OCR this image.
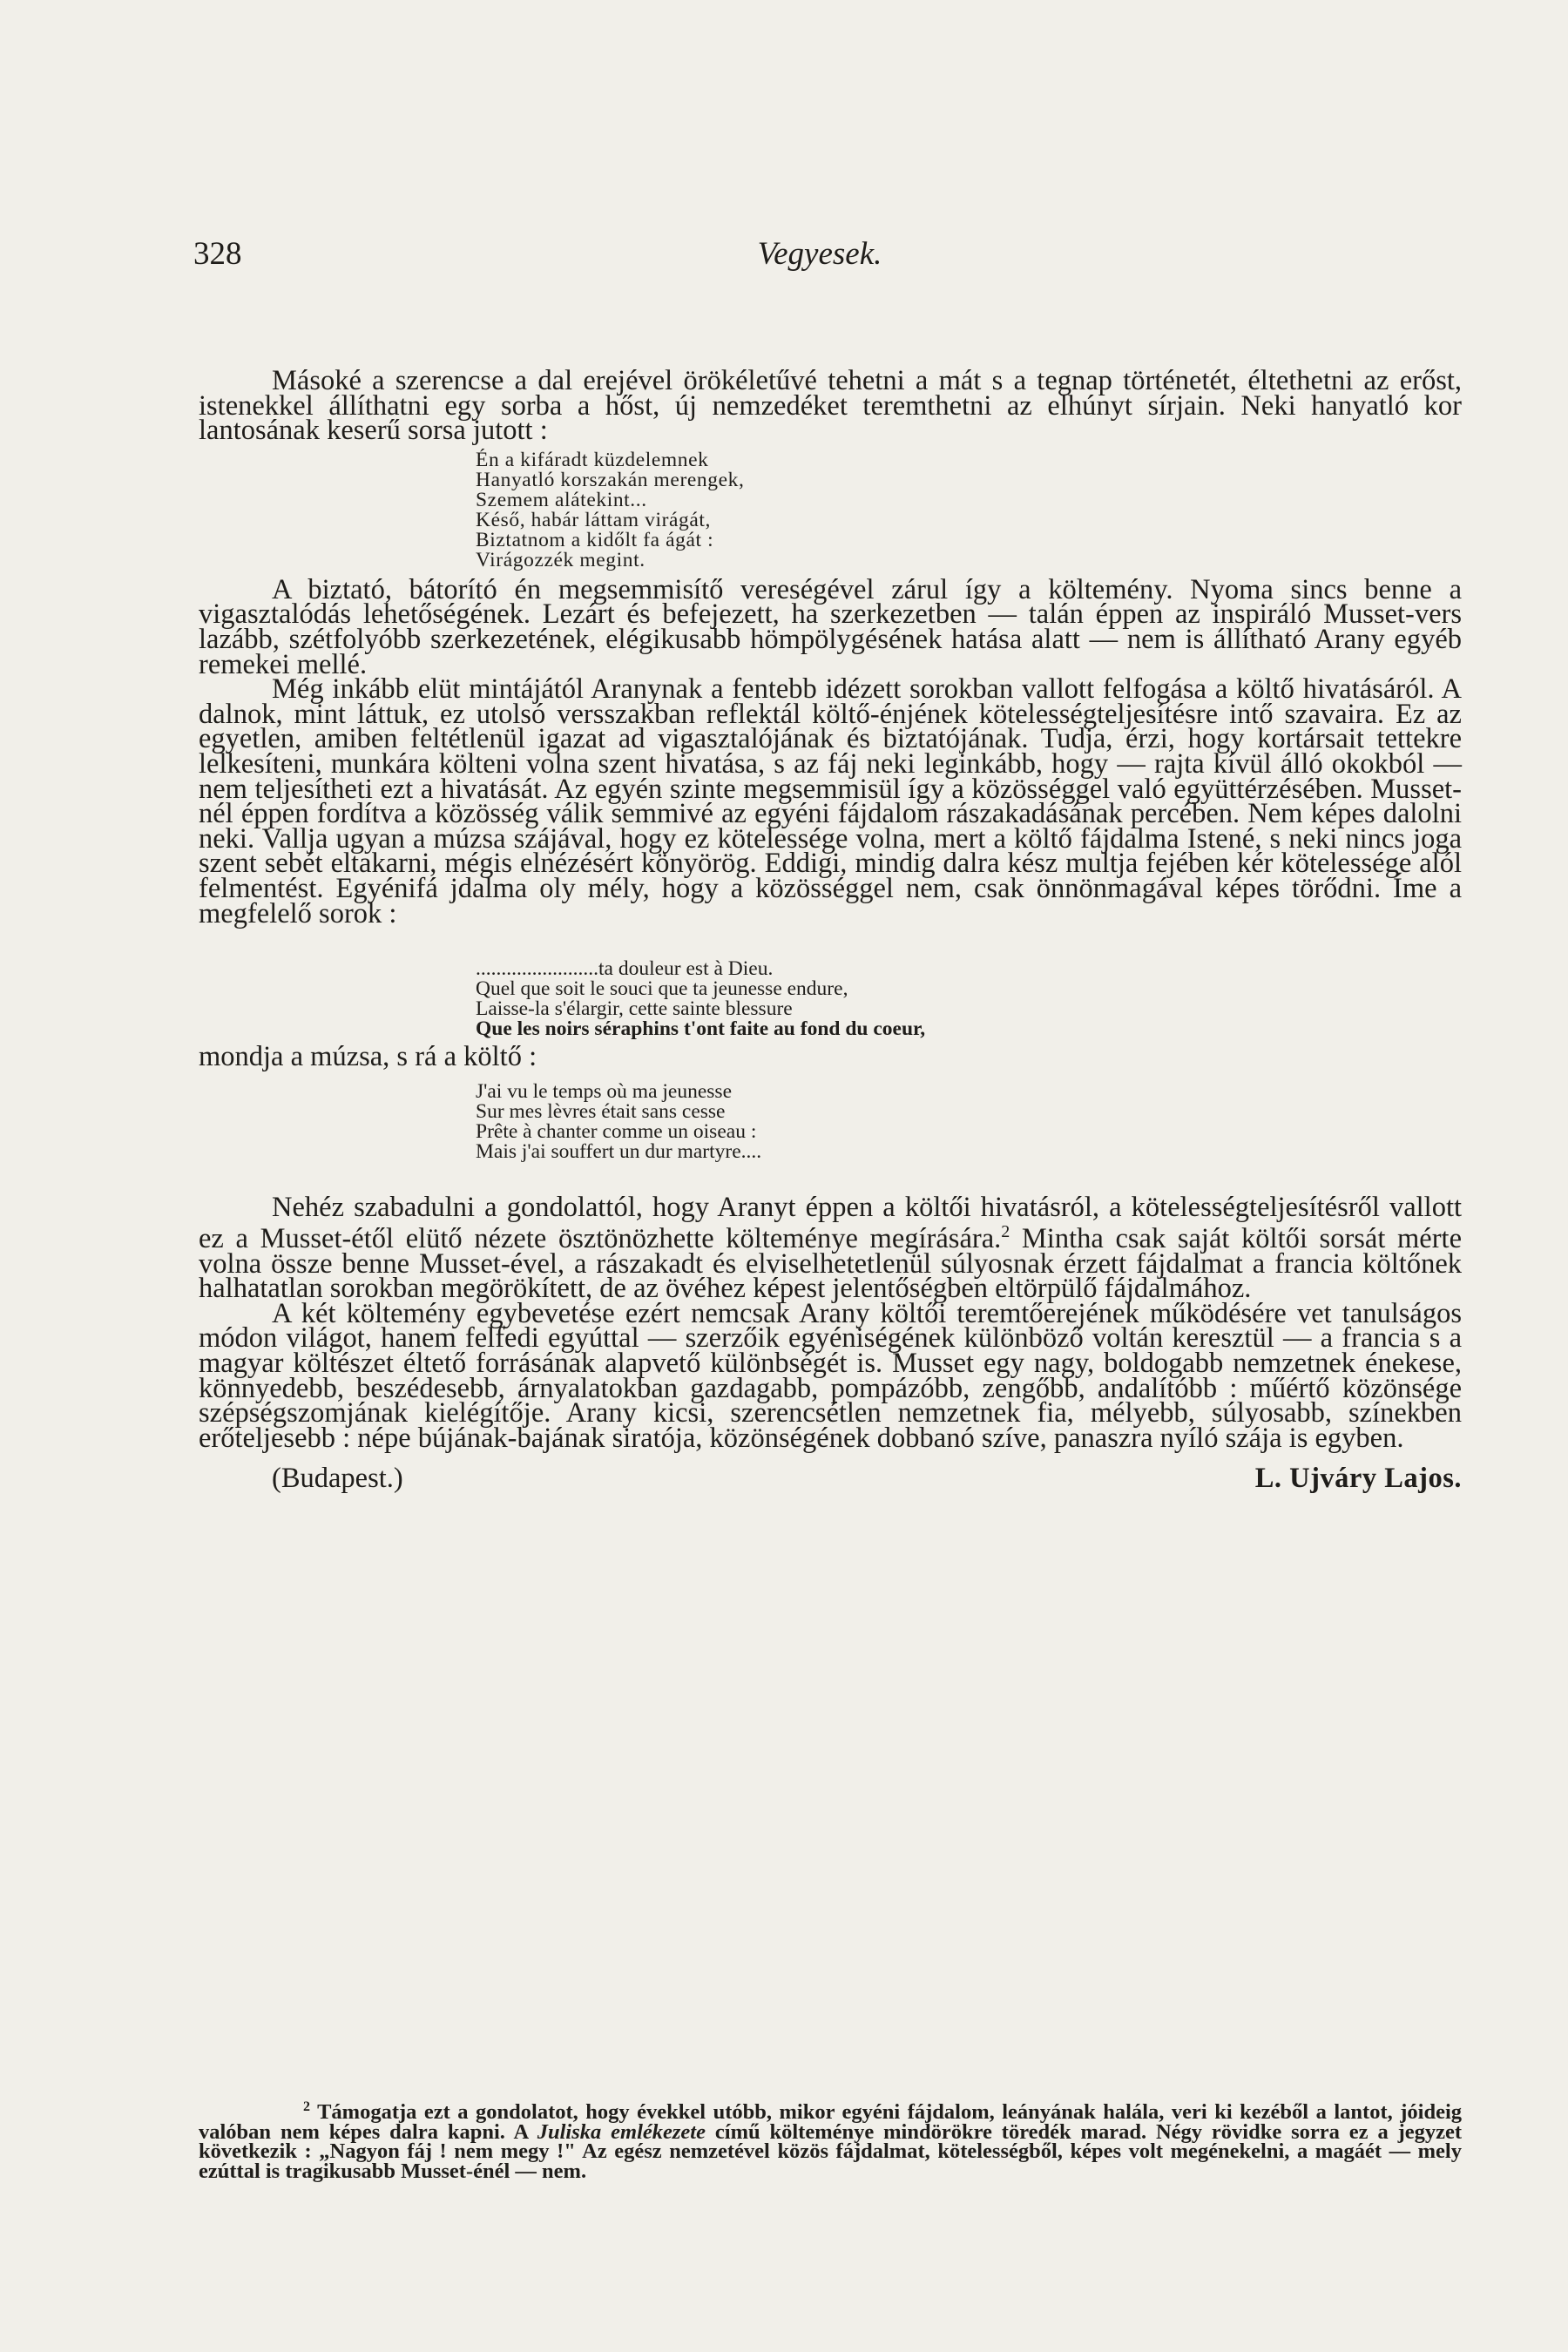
328	Vegyesek.

Másoké a szerencse a dal erejével örökéletűvé tehetni a mát s a tegnap történetét, éltethetni az erőst, istenekkel állíthatni egy sorba a hőst, új nemzedéket teremthetni az elhúnyt sírjain. Neki hanyatló kor lantosának keserű sorsa jutott :

Én a kifáradt küzdelemnek
Hanyatló korszakán merengek,
Szemem alátekint...
Késő, habár láttam virágát,
Biztatnom a kidőlt fa ágát :
Virágozzék megint.

A biztató, bátorító én megsemmisítő vereségével zárul így a költemény. Nyoma sincs benne a vigasztalódás lehetőségének. Lezárt és befejezett, ha szerkezetben — talán éppen az inspiráló Musset-vers lazább, szétfolyóbb szerkezetének, elégikusabb hömpölygésének hatása alatt — nem is állítható Arany egyéb remekei mellé.

Még inkább elüt mintájától Aranynak a fentebb idézett sorokban vallott felfogása a költő hivatásáról. A dalnok, mint láttuk, ez utolsó versszakban reflektál költő-énjének kötelességteljesítésre intő szavaira. Ez az egyetlen, amiben feltétlenül igazat ad vigasztalójának és biztatójának. Tudja, érzi, hogy kortársait tettekre lelkesíteni, munkára költeni volna szent hivatása, s az fáj neki leginkább, hogy — rajta kívül álló okokból — nem teljesítheti ezt a hivatását. Az egyén szinte megsemmisül így a közösséggel való együttérzésében. Musset-nél éppen fordítva a közösség válik semmivé az egyéni fájdalom rászakadásának percében. Nem képes dalolni neki. Vallja ugyan a múzsa szájával, hogy ez kötelessége volna, mert a költő fájdalma Istené, s neki nincs joga szent sebét eltakarni, mégis elnézésért könyörög. Eddigi, mindig dalra kész multja fejében kér kötelessége alól felmentést. Egyénifá jdalma oly mély, hogy a közösséggel nem, csak önnönmagával képes törődni. Íme a megfelelő sorok :

........................ta douleur est à Dieu.
Quel que soit le souci que ta jeunesse endure,
Laisse-la s'élargir, cette sainte blessure
Que les noirs séraphins t'ont faite au fond du coeur,

mondja a múzsa, s rá a költő :

J'ai vu le temps où ma jeunesse
Sur mes lèvres était sans cesse
Prête à chanter comme un oiseau :
Mais j'ai souffert un dur martyre....

Nehéz szabadulni a gondolattól, hogy Aranyt éppen a költői hivatásról, a kötelességteljesítésről vallott ez a Musset-étől elütő nézete ösztönözhette költeménye megírására.$^2$ Mintha csak saját költői sorsát mérte volna össze benne Musset-ével, a rászakadt és elviselhetetlenül súlyosnak érzett fájdalmat a francia költőnek halhatatlan sorokban megörökített, de az övéhez képest jelentőségben eltörpülő fájdalmához.

A két költemény egybevetése ezért nemcsak Arany költői teremtőerejének működésére vet tanulságos módon világot, hanem felfedi egyúttal — szerzőik egyéniségének különböző voltán keresztül — a francia s a magyar költészet éltető forrásának alapvető különbségét is. Musset egy nagy, boldogabb nemzetnek énekese, könnyedebb, beszédesebb, árnyalatokban gazdagabb, pompázóbb, zengőbb, andalítóbb : műértő közönsége szépségszomjának kielégítője. Arany kicsi, szerencsétlen nemzetnek fia, mélyebb, súlyosabb, színekben erőteljesebb : népe bújának-bajának siratója, közönségének dobbanó szíve, panaszra nyíló szája is egyben.

(Budapest.)	L. Ujváry Lajos.

$^2$ Támogatja ezt a gondolatot, hogy évekkel utóbb, mikor egyéni fájdalom, leányának halála, veri ki kezéből a lantot, jóideig valóban nem képes dalra kapni. A Juliska emlékezete című költeménye mindörökre töredék marad. Négy rövidke sorra ez a jegyzet következik : „Nagyon fáj ! nem megy !" Az egész nemzetével közös fájdalmat, kötelességből, képes volt megénekelni, a magáét — mely ezúttal is tragikusabb Musset-énél — nem.
